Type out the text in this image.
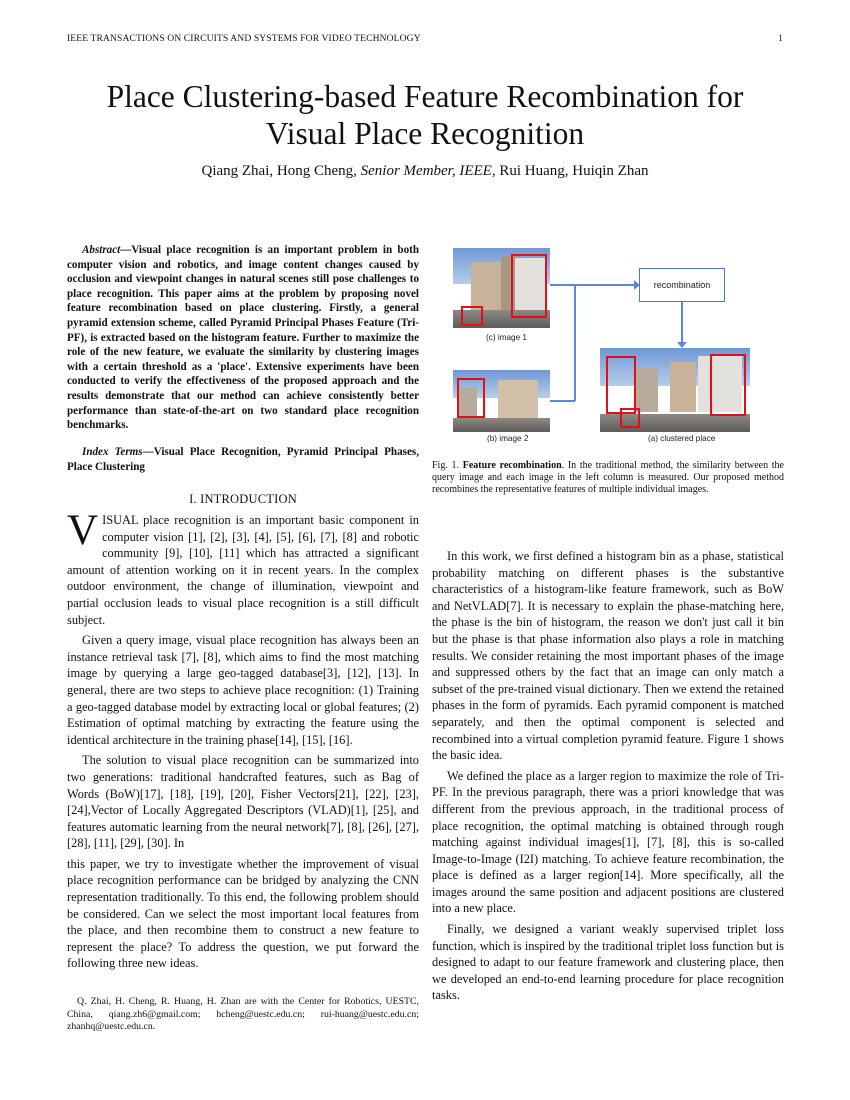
IEEE TRANSACTIONS ON CIRCUITS AND SYSTEMS FOR VIDEO TECHNOLOGY	1
Place Clustering-based Feature Recombination for
Visual Place Recognition
Qiang Zhai, Hong Cheng, Senior Member, IEEE, Rui Huang, Huiqin Zhan
Abstract—Visual place recognition is an important problem in both computer vision and robotics, and image content changes caused by occlusion and viewpoint changes in natural scenes still pose challenges to place recognition. This paper aims at the problem by proposing novel feature recombination based on place clustering. Firstly, a general pyramid extension scheme, called Pyramid Principal Phases Feature (Tri-PF), is extracted based on the histogram feature. Further to maximize the role of the new feature, we evaluate the similarity by clustering images with a certain threshold as a 'place'. Extensive experiments have been conducted to verify the effectiveness of the proposed approach and the results demonstrate that our method can achieve consistently better performance than state-of-the-art on two standard place recognition benchmarks.
Index Terms—Visual Place Recognition, Pyramid Principal Phases, Place Clustering
I. INTRODUCTION

VISUAL place recognition is an important basic component in computer vision [1], [2], [3], [4], [5], [6], [7], [8] and robotic community [9], [10], [11] which has attracted a significant amount of attention working on it in recent years. In the complex outdoor environment, the change of illumination, viewpoint and partial occlusion leads to visual place recognition is a still difficult subject.

Given a query image, visual place recognition has always been an instance retrieval task [7], [8], which aims to find the most matching image by querying a large geo-tagged database[3], [12], [13]. In general, there are two steps to achieve place recognition: (1) Training a geo-tagged database model by extracting local or global features; (2) Estimation of optimal matching by extracting the feature using the identical architecture in the training phase[14], [15], [16].

The solution to visual place recognition can be summarized into two generations: traditional handcrafted features, such as Bag of Words (BoW)[17], [18], [19], [20], Fisher Vectors[21], [22], [23], [24],Vector of Locally Aggregated Descriptors (VLAD)[1], [25], and features automatic learning from the neural network[7], [8], [26], [27], [28], [11], [29], [30]. In

this paper, we try to investigate whether the improvement of visual place recognition performance can be bridged by analyzing the CNN representation traditionally. To this end, the following problem should be considered. Can we select the most important local features from the place, and then recombine them to construct a new feature to represent the place? To address the question, we put forward the following three new ideas.

Q. Zhai, H. Cheng, R. Huang, H. Zhan are with the Center for Robotics, UESTC, China, qiang.zh6@gmail.com; hcheng@uestc.edu.cn; rui-huang@uestc.edu.cn; zhanhq@uestc.edu.cn.
(c) image 1
(b) image 2	(a) clustered place
recombination
Fig. 1. Feature recombination. In the traditional method, the similarity between the query image and each image in the left column is measured. Our proposed method recombines the representative features of multiple individual images.

In this work, we first defined a histogram bin as a phase, statistical probability matching on different phases is the substantive characteristics of a histogram-like feature framework, such as BoW and NetVLAD[7]. It is necessary to explain the phase-matching here, the phase is the bin of histogram, the reason we don't just call it bin but the phase is that phase information also plays a role in matching results. We consider retaining the most important phases of the image and suppressed others by the fact that an image can only match a subset of the pre-trained visual dictionary. Then we extend the retained phases in the form of pyramids. Each pyramid component is matched separately, and then the optimal component is selected and recombined into a virtual completion pyramid feature. Figure 1 shows the basic idea.

We defined the place as a larger region to maximize the role of Tri-PF. In the previous paragraph, there was a priori knowledge that was different from the previous approach, in the traditional process of place recognition, the optimal matching is obtained through rough matching against individual images[1], [7], [8], this is so-called Image-to-Image (I2I) matching. To achieve feature recombination, the place is defined as a larger region[14]. More specifically, all the images around the same position and adjacent positions are clustered into a new place.

Finally, we designed a variant weakly supervised triplet loss function, which is inspired by the traditional triplet loss function but is designed to adapt to our feature framework and clustering place, then we developed an end-to-end learning procedure for place recognition tasks.
